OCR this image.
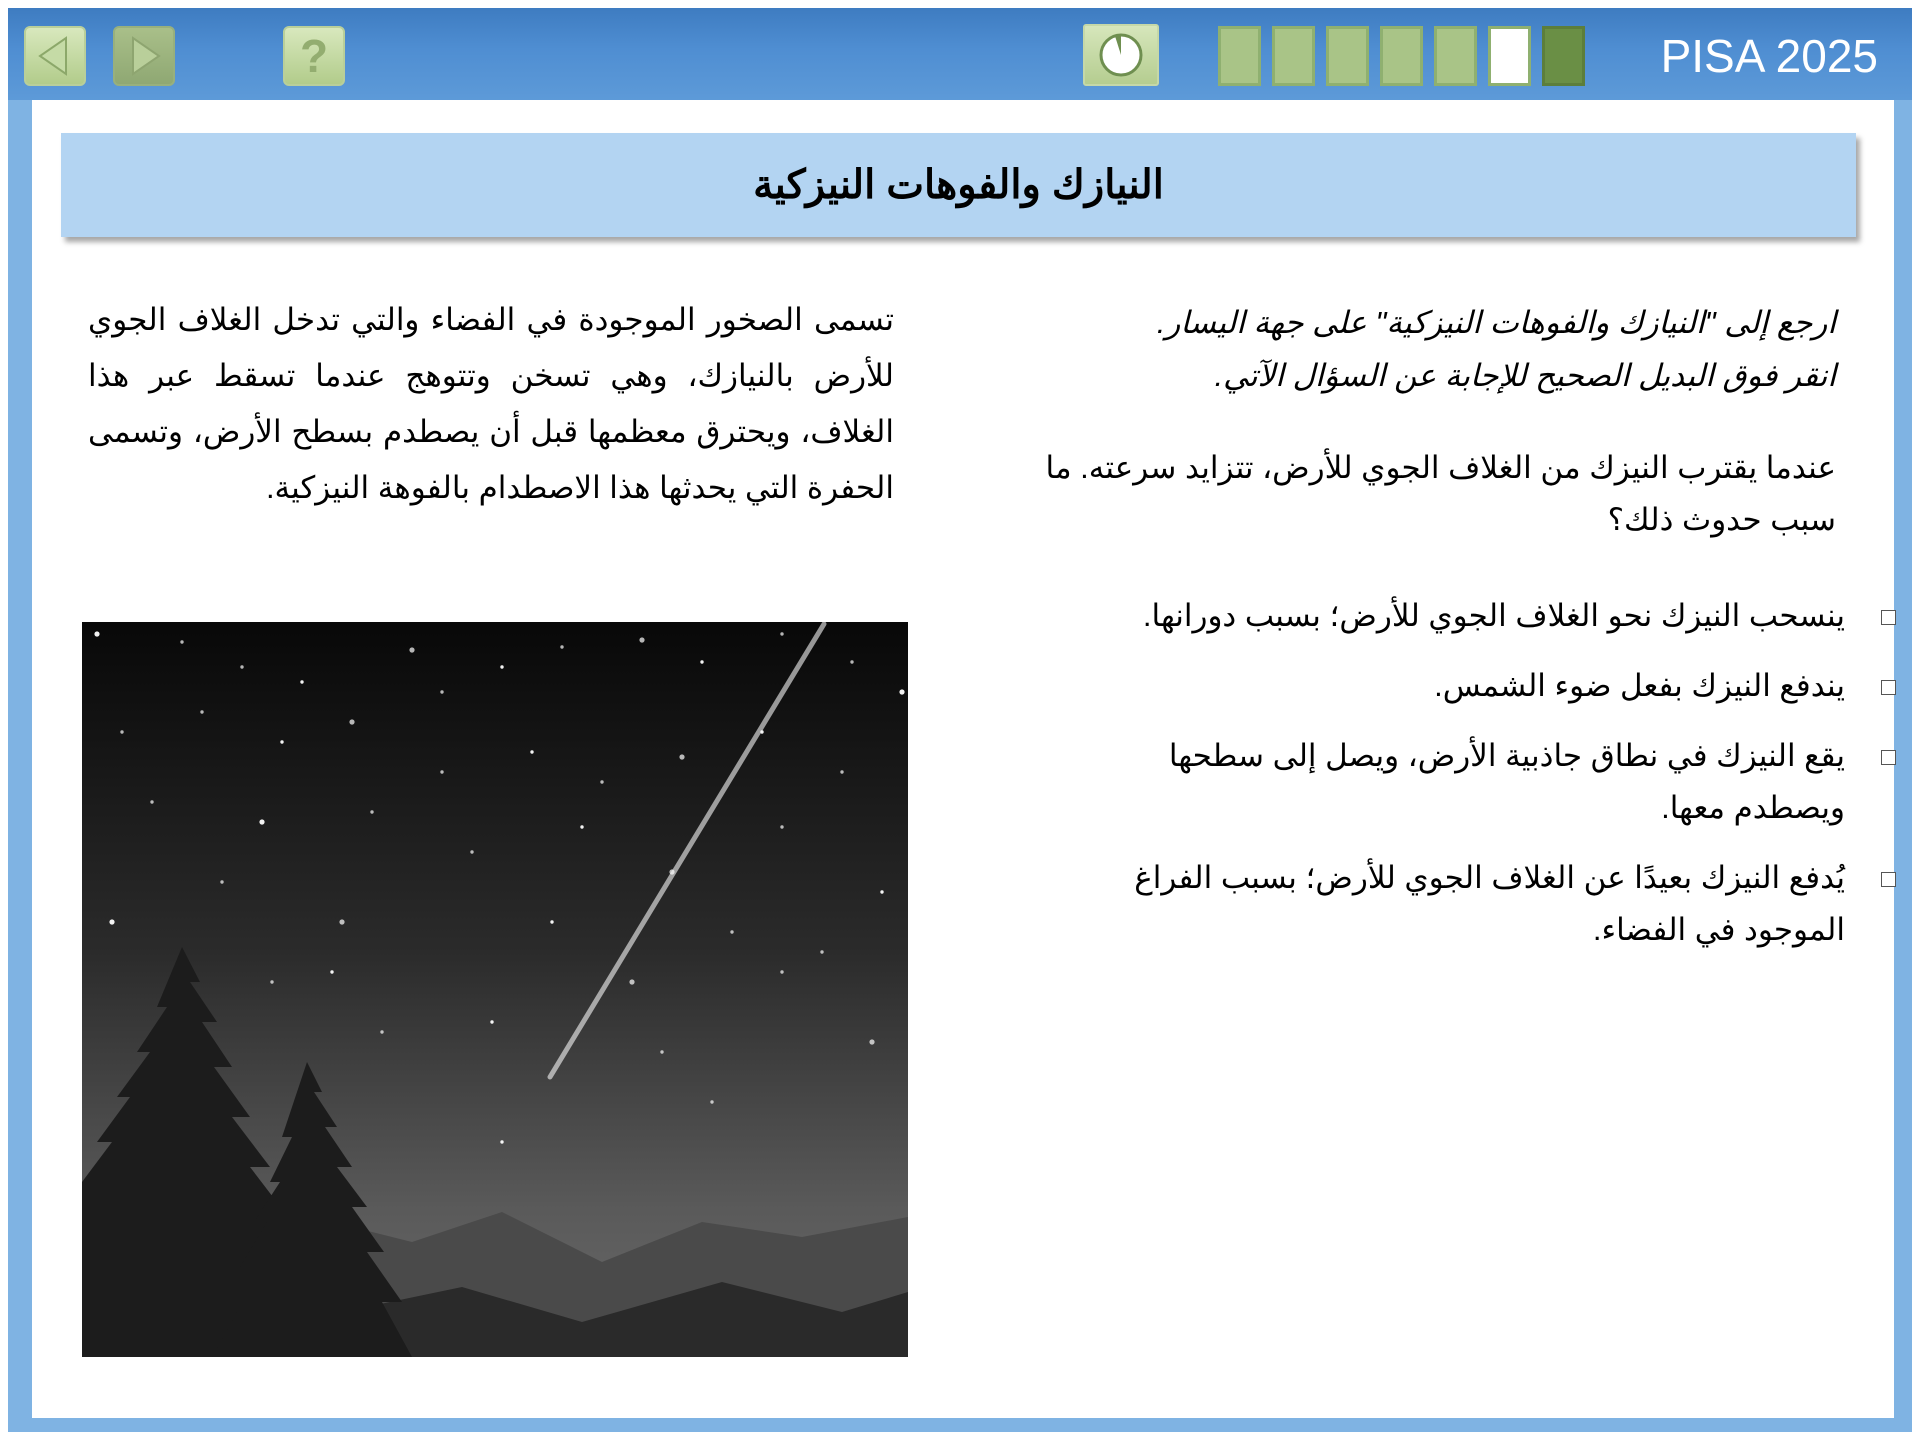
?	PISA 2025
النيازك والفوهات النيزكية

تسمى الصخور الموجودة في الفضاء والتي تدخل الغلاف الجوي للأرض بالنيازك، وهي تسخن وتتوهج عندما تسقط عبر هذا الغلاف، ويحترق معظمها قبل أن يصطدم بسطح الأرض، وتسمى الحفرة التي يحدثها هذا الاصطدام بالفوهة النيزكية.

ارجع إلى "النيازك والفوهات النيزكية" على جهة اليسار.
انقر فوق البديل الصحيح للإجابة عن السؤال الآتي.

عندما يقترب النيزك من الغلاف الجوي للأرض، تتزايد سرعته. ما سبب حدوث ذلك؟

ينسحب النيزك نحو الغلاف الجوي للأرض؛ بسبب دورانها.
يندفع النيزك بفعل ضوء الشمس.
يقع النيزك في نطاق جاذبية الأرض، ويصل إلى سطحها ويصطدم معها.
يُدفع النيزك بعيدًا عن الغلاف الجوي للأرض؛ بسبب الفراغ الموجود في الفضاء.
